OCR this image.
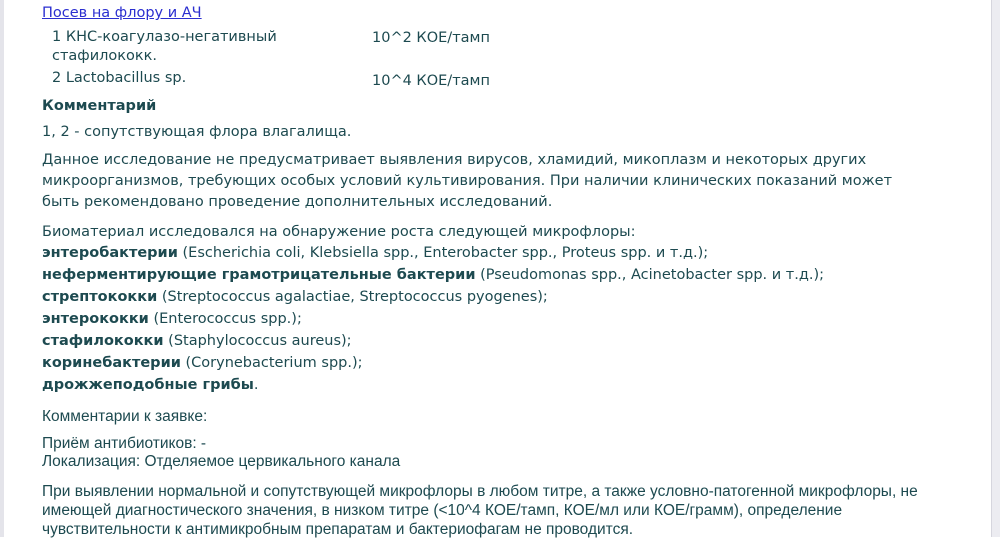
Посев на флору и АЧ
1 КНС-коагулазо-негативный стафилококк.
10^2 КОЕ/тамп
2 Lactobacillus sp.	10^4 КОЕ/тамп
Комментарий
1, 2 - сопутствующая флора влагалища.
Данное исследование не предусматривает выявления вирусов, хламидий, микоплазм и некоторых других микроорганизмов, требующих особых условий культивирования. При наличии клинических показаний может быть рекомендовано проведение дополнительных исследований.
Биоматериал исследовался на обнаружение роста следующей микрофлоры:
энтеробактерии (Escherichia coli, Klebsiella spp., Enterobacter spp., Proteus spp. и т.д.);
неферментирующие грамотрицательные бактерии (Pseudomonas spp., Acinetobacter spp. и т.д.);
стрептококки (Streptococcus agalactiae, Streptococcus pyogenes);
энтерококки (Enterococcus spp.);
стафилококки (Staphylococcus aureus);
коринебактерии (Corynebacterium spp.);
дрожжеподобные грибы.
Комментарии к заявке:
Приём антибиотиков: -
Локализация: Отделяемое цервикального канала
При выявлении нормальной и сопутствующей микрофлоры в любом титре, а также условно-патогенной микрофлоры, не имеющей диагностического значения, в низком титре (<10^4 КОЕ/тамп, КОЕ/мл или КОЕ/грамм), определение чувствительности к антимикробным препаратам и бактериофагам не проводится.
